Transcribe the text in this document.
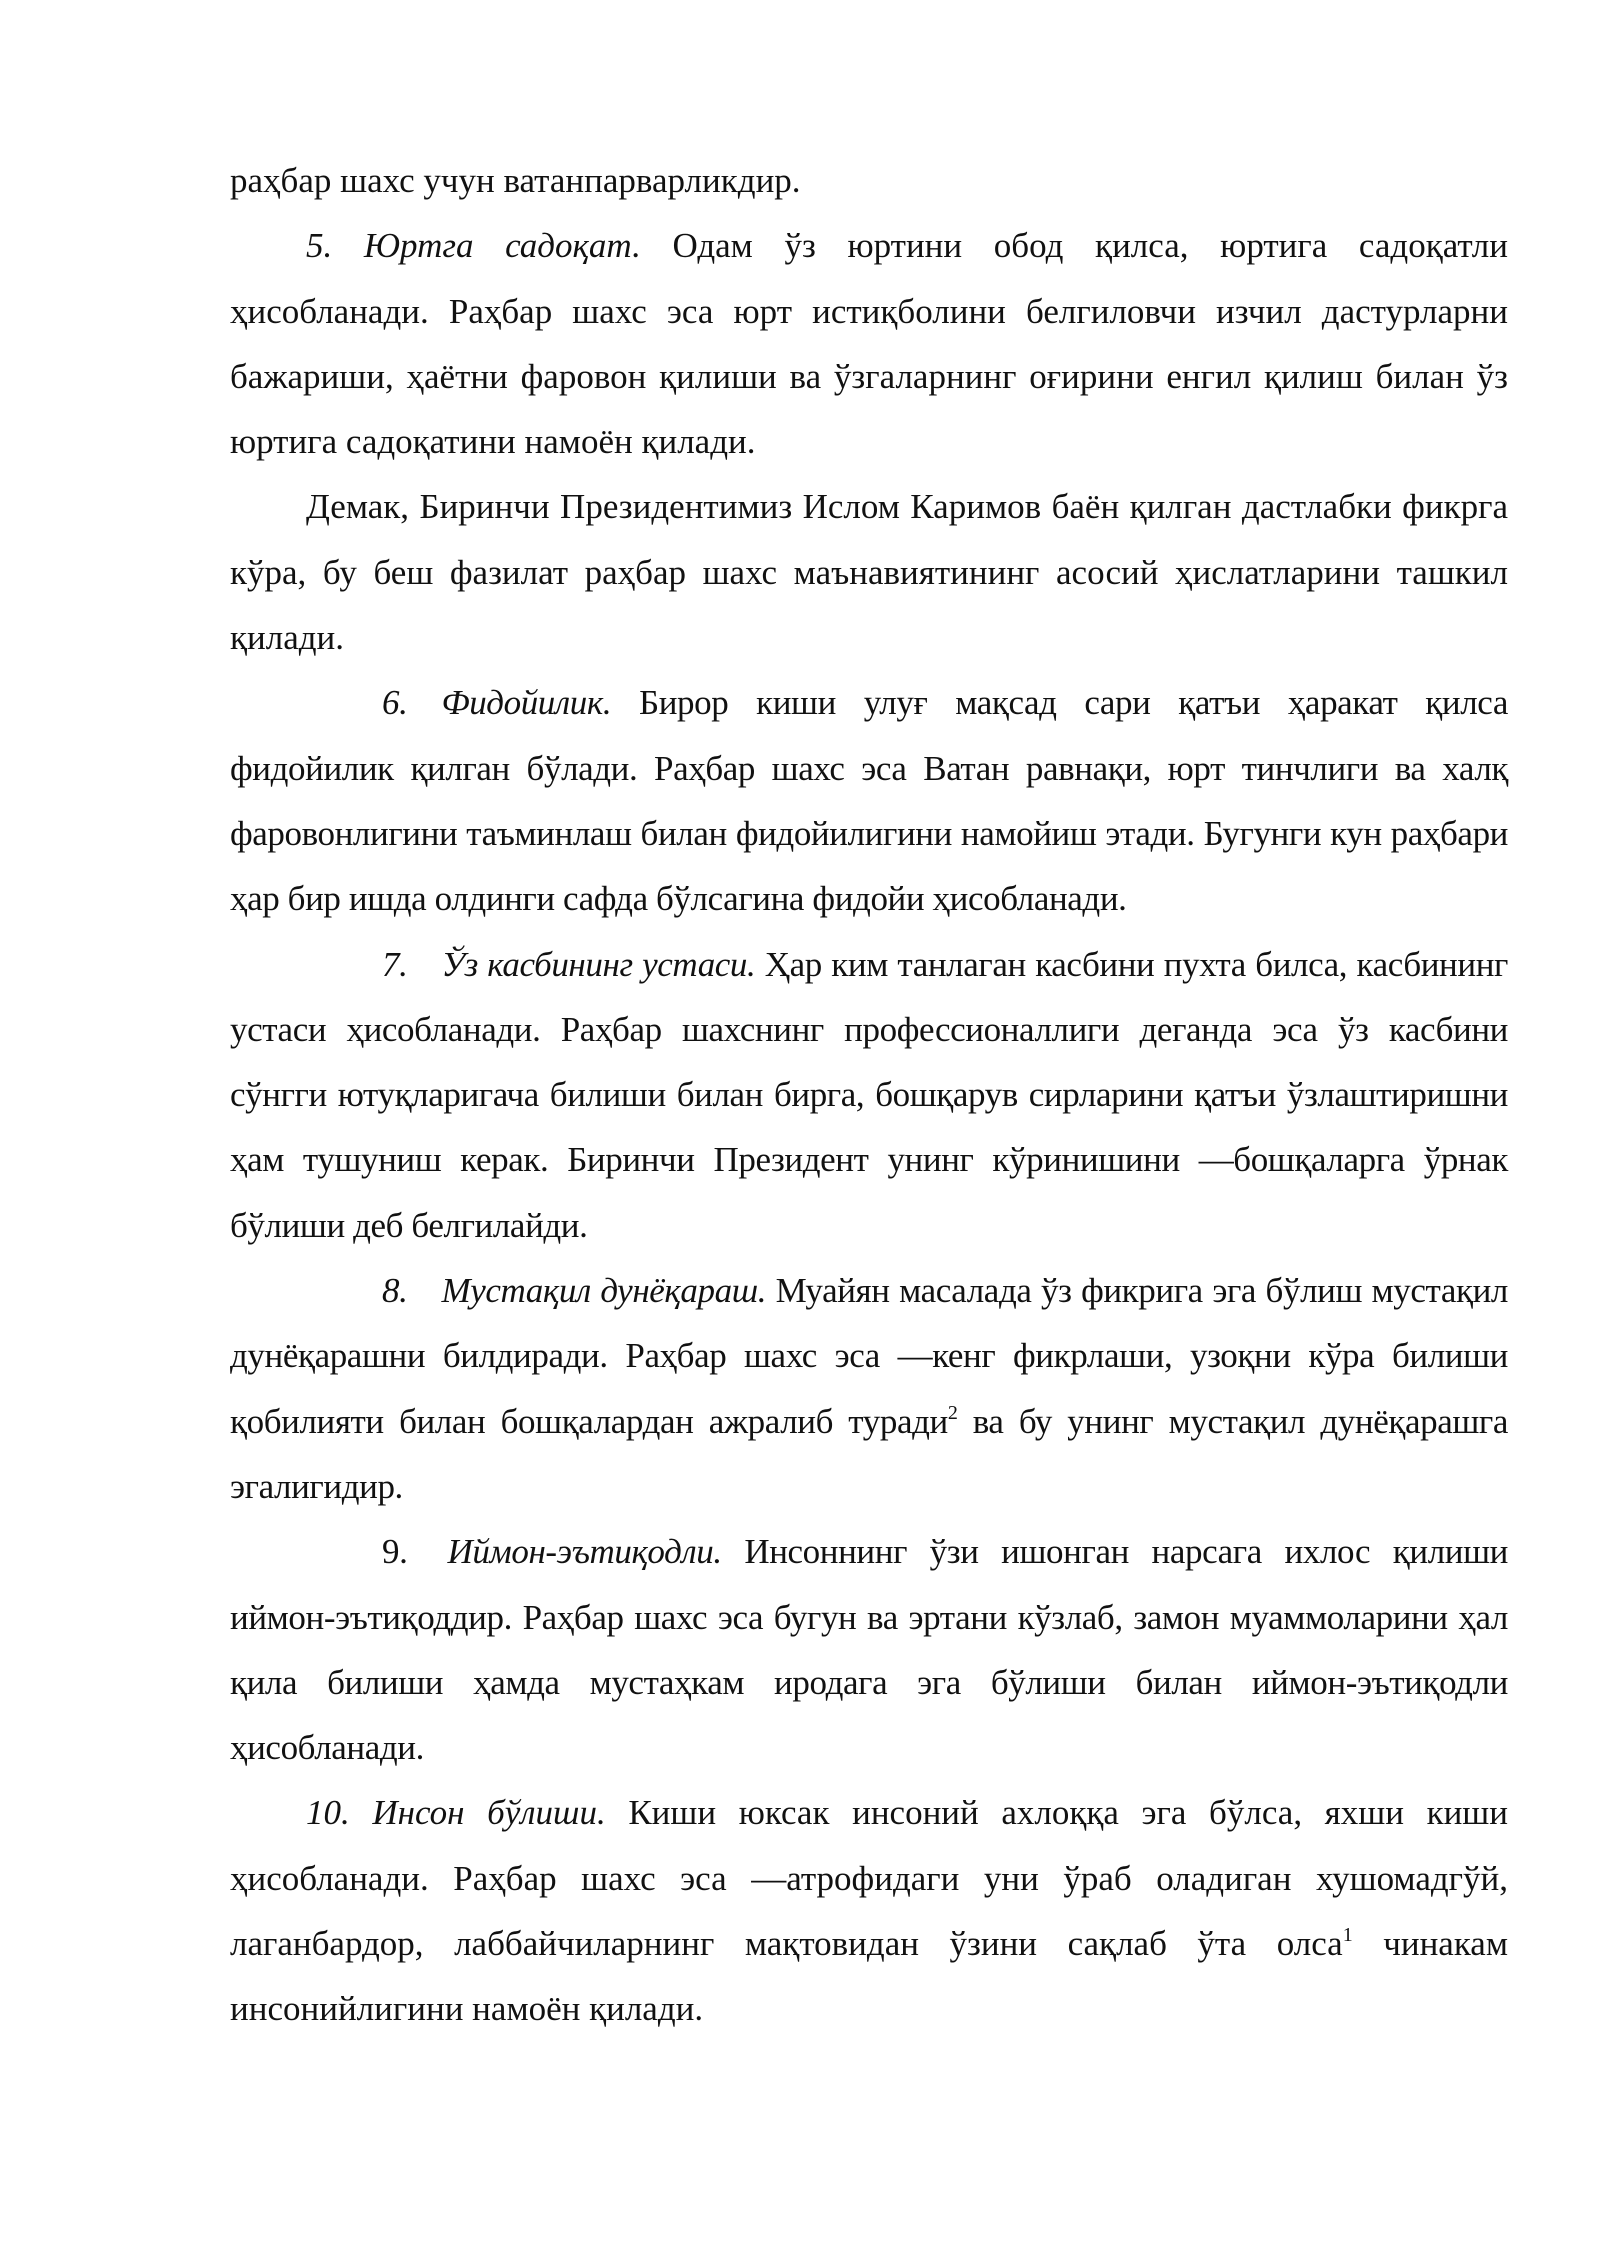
раҳбар шахс учун ватанпарварликдир.

5. Юртга садоқат. Одам ўз юртини обод қилса, юртига садоқатли ҳисобланади. Раҳбар шахс эса юрт истиқболини белгиловчи изчил дастурларни бажариши, ҳаётни фаровон қилиши ва ўзгаларнинг оғирини енгил қилиш билан ўз юртига садоқатини намоён қилади.

Демак, Биринчи Президентимиз Ислом Каримов баён қилган дастлабки фикрга кўра, бу беш фазилат раҳбар шахс маънавиятининг асосий ҳислатларини ташкил қилади.

6. Фидойилик. Бирор киши улуғ мақсад сари қатъи ҳаракат қилса фидойилик қилган бўлади. Раҳбар шахс эса Ватан равнақи, юрт тинчлиги ва халқ фаровонлигини таъминлаш билан фидойилигини намойиш этади. Бугунги кун раҳбари ҳар бир ишда олдинги сафда бўлсагина фидойи ҳисобланади.

7. Ўз касбининг устаси. Ҳар ким танлаган касбини пухта билса, касбининг устаси ҳисобланади. Раҳбар шахснинг профессионаллиги деганда эса ўз касбини сўнгги ютуқларигача билиши билан бирга, бошқарув сирларини қатъи ўзлаштиришни ҳам тушуниш керак. Биринчи Президент унинг кўринишини ―бошқаларга ўрнак бўлиши деб белгилайди.

8. Мустақил дунёқараш. Муайян масалада ўз фикрига эга бўлиш мустақил дунёқарашни билдиради. Раҳбар шахс эса ―кенг фикрлаши, узоқни кўра билиши қобилияти билан бошқалардан ажралиб туради$^2$ ва бу унинг мустақил дунёқарашга эгалигидир.

9. Иймон-эътиқодли. Инсоннинг ўзи ишонган нарсага ихлос қилиши иймон-эътиқоддир. Раҳбар шахс эса бугун ва эртани кўзлаб, замон муаммоларини ҳал қила билиши ҳамда мустаҳкам иродага эга бўлиши билан иймон-эътиқодли ҳисобланади.

10. Инсон бўлиши. Киши юксак инсоний ахлоққа эга бўлса, яхши киши ҳисобланади. Раҳбар шахс эса ―атрофидаги уни ўраб оладиган хушомадгўй, лаганбардор, лаббайчиларнинг мақтовидан ўзини сақлаб ўта олса$^1$ чинакам инсонийлигини намоён қилади.
